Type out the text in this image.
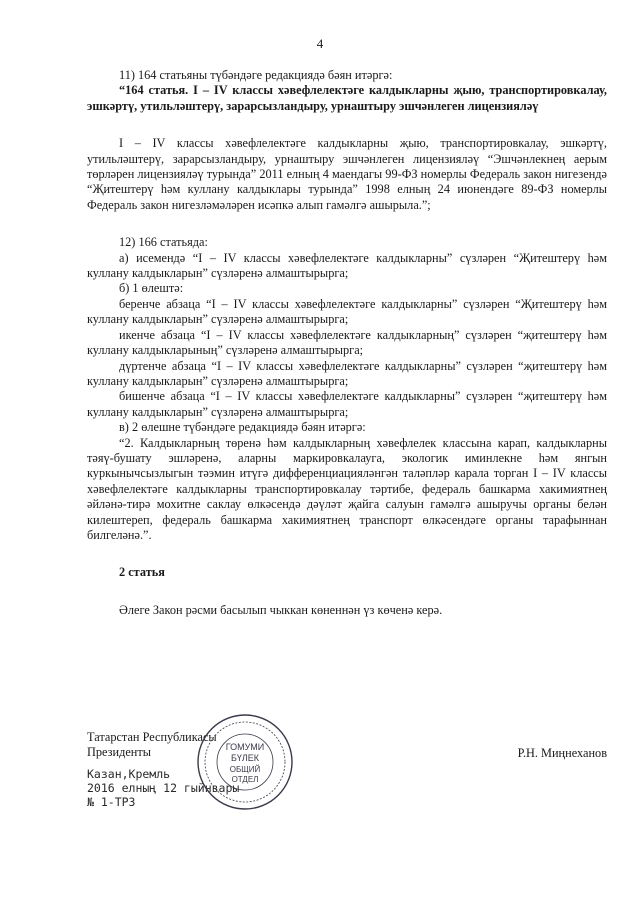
4

11) 164 статьяны түбәндәге редакциядә бәян итәргә:

“164 статья. I – IV классы хәвефлелектәге калдыкларны җыю, транспортировкалау, эшкәртү, утильләштерү, зарарсызландыру, урнаштыру эшчәнлеген лицензияләү

I – IV классы хәвефлелектәге калдыкларны җыю, транспортировкалау, эшкәртү, утильләштерү, зарарсызландыру, урнаштыру эшчәнлеген лицензияләү “Эшчәнлекнең аерым төрләрен лицензияләү турында” 2011 елның 4 маендагы 99-ФЗ номерлы Федераль закон нигезендә “Җитештерү һәм куллану калдыклары турында” 1998 елның 24 июнендәге 89-ФЗ номерлы Федераль закон нигезләмәләрен исәпкә алып гамәлгә ашырыла.”;

12) 166 статьяда:

а) исемендә “I – IV классы хәвефлелектәге калдыкларны” сүзләрен “Җитештерү һәм куллану калдыкларын” сүзләренә алмаштырырга;

б) 1 өлештә:

беренче абзаца “I – IV классы хәвефлелектәге калдыкларны” сүзләрен “Җитештерү һәм куллану калдыкларын” сүзләренә алмаштырырга;

икенче абзаца “I – IV классы хәвефлелектәге калдыкларның” сүзләрен “җитештерү һәм куллану калдыкларының” сүзләренә алмаштырырга;

дүртенче абзаца “I – IV классы хәвефлелектәге калдыкларны” сүзләрен “җитештерү һәм куллану калдыкларын” сүзләренә алмаштырырга;

бишенче абзаца “I – IV классы хәвефлелектәге калдыкларны” сүзләрен “җитештерү һәм куллану калдыкларын” сүзләренә алмаштырырга;

в) 2 өлешне түбәндәге редакциядә бәян итәргә:

“2. Калдыкларның төренә һәм калдыкларның хәвефлелек классына карап, калдыкларны тәяү-бушату эшләренә, аларны маркировкалауга, экологик иминлекне һәм янгын куркынычсызлыгын тәэмин итүгә дифференциацияләнгән таләпләр карала торган I – IV классы хәвефлелектәге калдыкларны транспортировкалау тәртибе, федераль башкарма хакимиятнең әйләнә-тирә мохитне саклау өлкәсендә дәүләт җайга салуын гамәлгә ашыручы органы белән килештереп, федераль башкарма хакимиятнең транспорт өлкәсендәге органы тарафыннан билгеләнә.”.

2 статья

Әлеге Закон рәсми басылып чыккан көненнән үз көченә керә.

Татарстан Республикасы
Президенты	Р.Н. Миңнеханов
Казан,Кремль
2016 елның 12 гыйнвары
№ 1-ТРЗ
ГОМУМИ
БҮЛЕК
ОБЩИЙ
ОТДЕЛ
